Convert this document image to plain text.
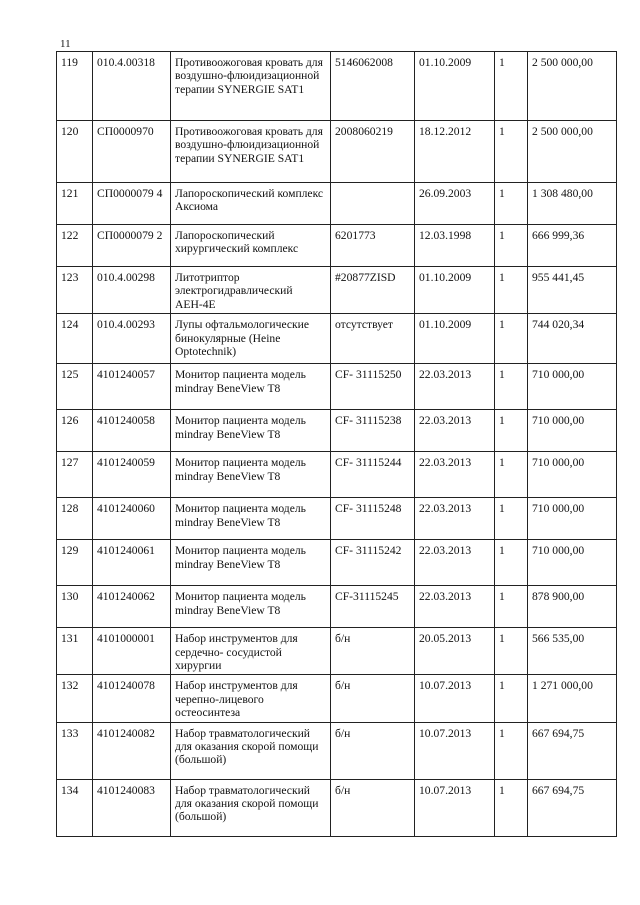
11
119	010.4.00318	Противоожоговая кровать для воздушно-флюидизационной терапии SYNERGIE SAT1	5146062008	01.10.2009	1	2 500 000,00
120	СП0000970	Противоожоговая кровать для воздушно-флюидизационной терапии SYNERGIE SAT1	2008060219	18.12.2012	1	2 500 000,00
121	СП0000079 4	Лапороскопический комплекс Аксиома		26.09.2003	1	1 308 480,00
122	СП0000079 2	Лапороскопический хирургический комплекс	6201773	12.03.1998	1	666 999,36
123	010.4.00298	Литотриптор электрогидравлический АЕН-4Е	#20877ZISD	01.10.2009	1	955 441,45
124	010.4.00293	Лупы офтальмологические бинокулярные (Heine Optotechnik)	отсутствует	01.10.2009	1	744 020,34
125	4101240057	Монитор пациента модель mindray BeneView T8	CF- 31115250	22.03.2013	1	710 000,00
126	4101240058	Монитор пациента модель mindray BeneView T8	CF- 31115238	22.03.2013	1	710 000,00
127	4101240059	Монитор пациента модель mindray BeneView T8	CF- 31115244	22.03.2013	1	710 000,00
128	4101240060	Монитор пациента модель mindray BeneView T8	CF- 31115248	22.03.2013	1	710 000,00
129	4101240061	Монитор пациента модель mindray BeneView T8	CF- 31115242	22.03.2013	1	710 000,00
130	4101240062	Монитор пациента модель mindray BeneView T8	CF-31115245	22.03.2013	1	878 900,00
131	4101000001	Набор инструментов для сердечно- сосудистой хирургии	б/н	20.05.2013	1	566 535,00
132	4101240078	Набор инструментов для черепно-лицевого остеосинтеза	б/н	10.07.2013	1	1 271 000,00
133	4101240082	Набор травматологический для оказания скорой помощи (большой)	б/н	10.07.2013	1	667 694,75
134	4101240083	Набор травматологический для оказания скорой помощи (большой)	б/н	10.07.2013	1	667 694,75
